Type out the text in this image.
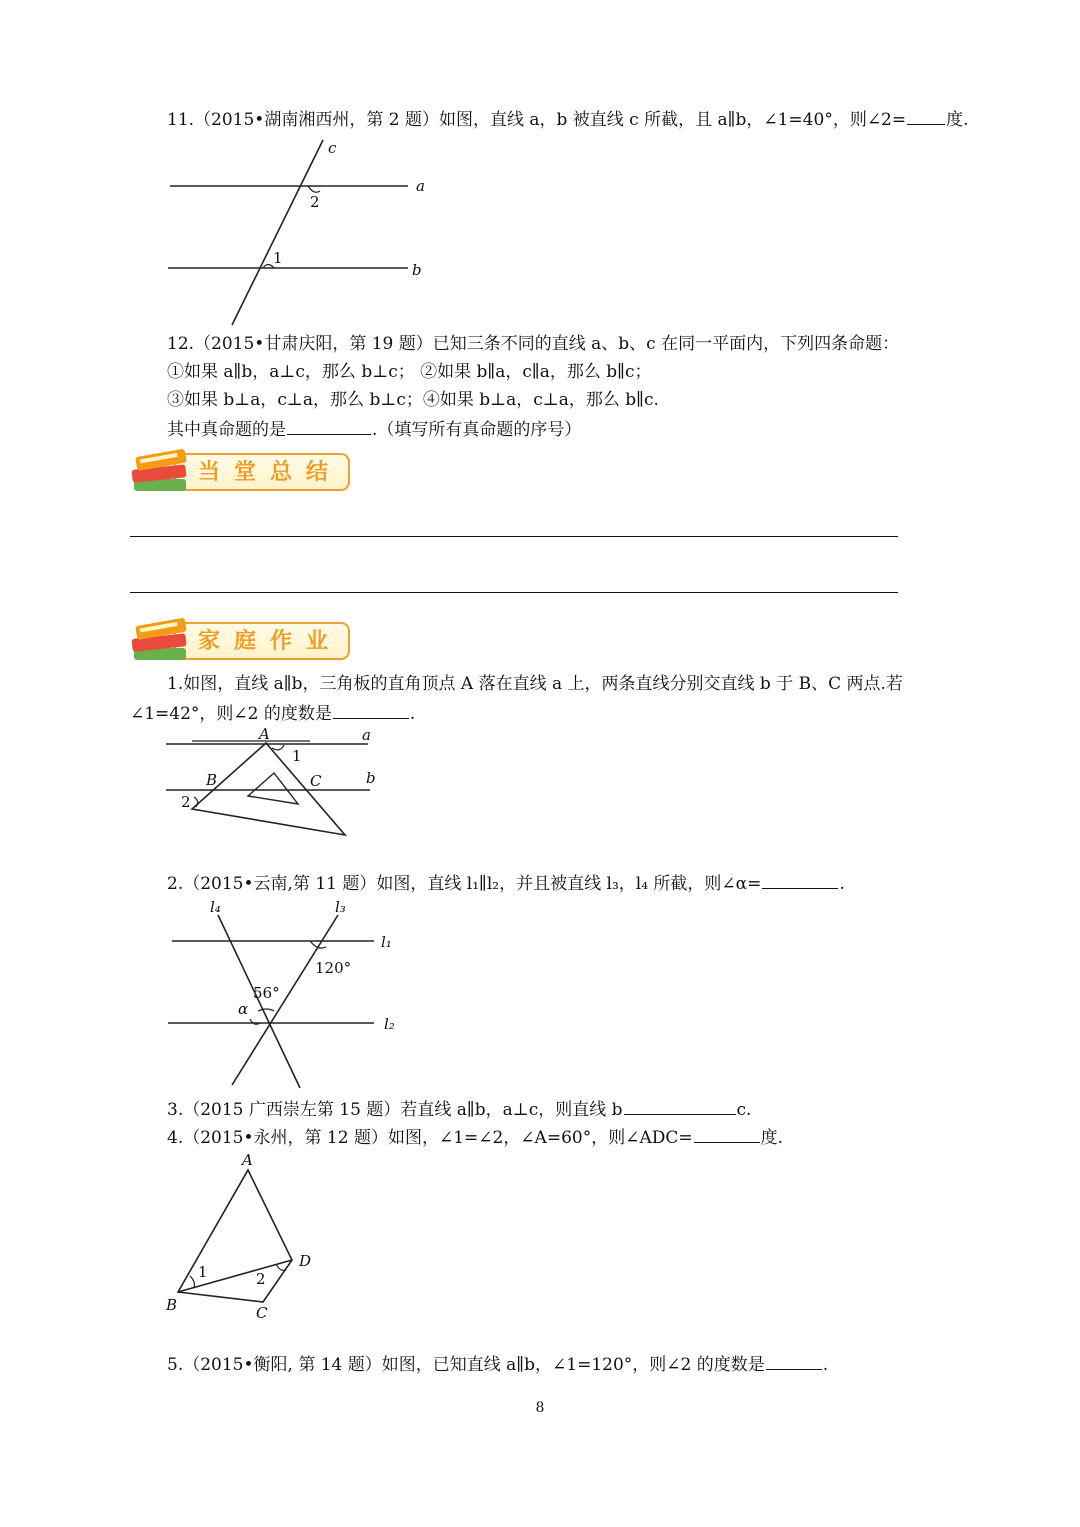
11.（2015•湖南湘西州，第 2 题）如图，直线 a，b 被直线 c 所截，且 a∥b，∠1=40°，则∠2= 度.
c
a
b
2
1
12.（2015•甘肃庆阳，第 19 题）已知三条不同的直线 a、b、c 在同一平面内，下列四条命题：
①如果 a∥b，a⊥c，那么 b⊥c； ②如果 b∥a，c∥a，那么 b∥c；
③如果 b⊥a，c⊥a，那么 b⊥c；④如果 b⊥a，c⊥a，那么 b∥c.
其中真命题的是	.（填写所有真命题的序号）
当堂总结
家庭作业
1.如图，直线 a∥b，三角板的直角顶点 A 落在直线 a 上，两条直线分别交直线 b 于 B、C 两点.若
∠1=42°，则∠2 的度数是	.
A	a
1
B	C	b
2
2.（2015•云南,第 11 题）如图，直线 l₁∥l₂，并且被直线 l₃，l₄ 所截，则∠α=	.
l₄	l₃
l₁
l₂
120°
56°
α
3.（2015 广西崇左第 15 题）若直线 a∥b，a⊥c，则直线 b	c.
4.（2015•永州，第 12 题）如图，∠1=∠2，∠A=60°，则∠ADC=	度.
A
D
B	C
1	2
5.（2015•衡阳, 第 14 题）如图，已知直线 a∥b，∠1=120°，则∠2 的度数是	.
8
